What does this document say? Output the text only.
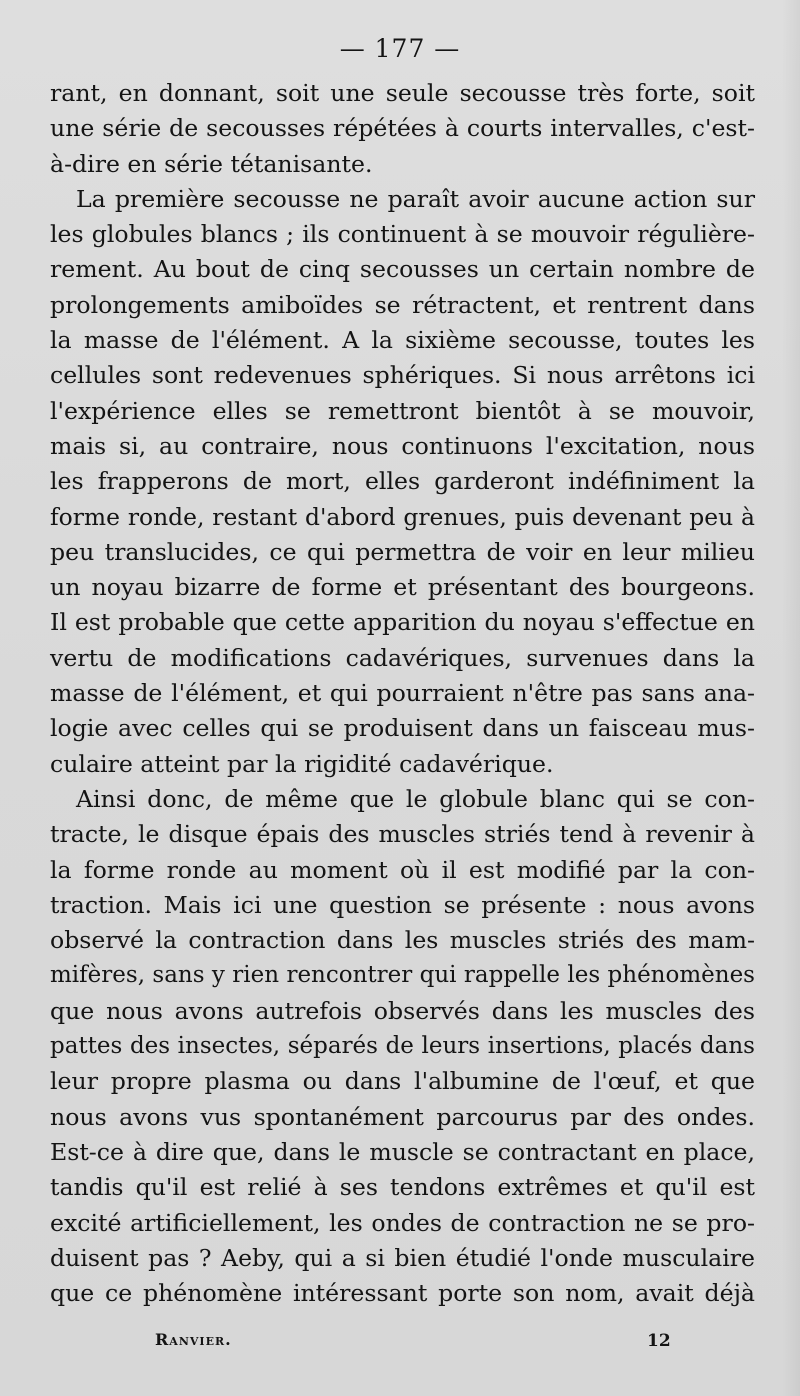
— 177 —
rant, en donnant, soit une seule secousse très forte, soit
une série de secousses répétées à courts intervalles, c'est-
à-dire en série tétanisante.
La première secousse ne paraît avoir aucune action sur
les globules blancs ; ils continuent à se mouvoir régulière-
rement. Au bout de cinq secousses un certain nombre de
prolongements amiboïdes se rétractent, et rentrent dans
la masse de l'élément. A la sixième secousse, toutes les
cellules sont redevenues sphériques. Si nous arrêtons ici
l'expérience elles se remettront bientôt à se mouvoir,
mais si, au contraire, nous continuons l'excitation, nous
les frapperons de mort, elles garderont indéfiniment la
forme ronde, restant d'abord grenues, puis devenant peu à
peu translucides, ce qui permettra de voir en leur milieu
un noyau bizarre de forme et présentant des bourgeons.
Il est probable que cette apparition du noyau s'effectue en
vertu de modifications cadavériques, survenues dans la
masse de l'élément, et qui pourraient n'être pas sans ana-
logie avec celles qui se produisent dans un faisceau mus-
culaire atteint par la rigidité cadavérique.
Ainsi donc, de même que le globule blanc qui se con-
tracte, le disque épais des muscles striés tend à revenir à
la forme ronde au moment où il est modifié par la con-
traction. Mais ici une question se présente : nous avons
observé la contraction dans les muscles striés des mam-
mifères, sans y rien rencontrer qui rappelle les phénomènes
que nous avons autrefois observés dans les muscles des
pattes des insectes, séparés de leurs insertions, placés dans
leur propre plasma ou dans l'albumine de l'œuf, et que
nous avons vus spontanément parcourus par des ondes.
Est-ce à dire que, dans le muscle se contractant en place,
tandis qu'il est relié à ses tendons extrêmes et qu'il est
excité artificiellement, les ondes de contraction ne se pro-
duisent pas ? Aeby, qui a si bien étudié l'onde musculaire
que ce phénomène intéressant porte son nom, avait déjà
Ranvier.	12
